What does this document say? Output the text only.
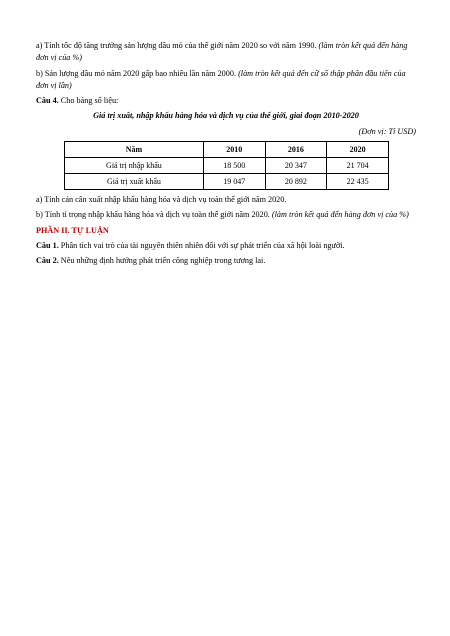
a) Tính tốc độ tăng trưởng sản lượng dầu mỏ của thế giới năm 2020 so với năm 1990. (làm tròn kết quả đến hàng đơn vị của %)

b) Sản lượng dầu mỏ năm 2020 gấp bao nhiêu lần năm 2000. (làm tròn kết quả đến cữ số thập phân đầu tiên của đơn vị lần)

Câu 4. Cho bảng số liệu:

Giá trị xuất, nhập khẩu hàng hóa và dịch vụ của thế giới, giai đoạn 2010-2020

(Đơn vị: Tỉ USD)

Năm	2010	2016	2020
Giá trị nhập khẩu	18 500	20 347	21 704
Giá trị xuất khẩu	19 047	20 892	22 435

a) Tính cán cân xuất nhập khẩu hàng hóa và dịch vụ toàn thế giới năm 2020.

b) Tính tỉ trọng nhập khẩu hàng hóa và dịch vụ toàn thế giới năm 2020. (làm tròn kết quả đến hàng đơn vị của %)

PHẦN II. TỰ LUẬN

Câu 1. Phân tích vai trò của tài nguyên thiên nhiên đối với sự phát triển của xã hội loài người.

Câu 2. Nêu những định hướng phát triển công nghiệp trong tương lai.
